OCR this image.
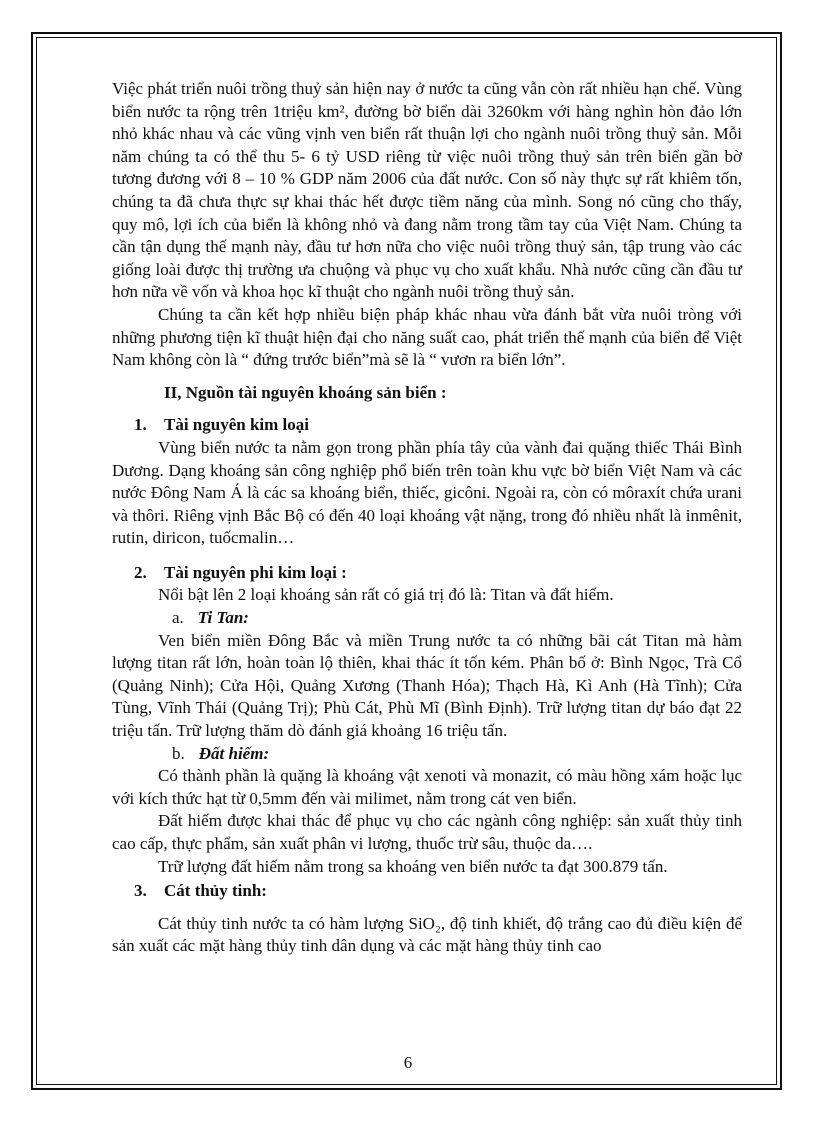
Việc phát triển nuôi trồng thuỷ sản hiện nay ở nước ta cũng vẫn còn rất nhiều hạn chế. Vùng biển nước ta rộng trên 1triệu km², đường bờ biển dài 3260km với hàng nghìn hòn đảo lớn nhỏ khác nhau và các vũng vịnh ven biển rất thuận lợi cho ngành nuôi trồng thuỷ sản. Mỗi năm chúng ta có thể thu 5- 6 tỷ USD riêng từ việc nuôi trồng thuỷ sản trên biển gần bờ tương đương với 8 – 10 % GDP năm 2006 của đất nước. Con số này thực sự rất khiêm tốn, chúng ta đã chưa thực sự khai thác hết được tiềm năng của mình. Song nó cũng cho thấy, quy mô, lợi ích của biển là không nhỏ và đang nằm trong tầm tay của Việt Nam. Chúng ta cần tận dụng thế mạnh này, đầu tư hơn nữa cho việc nuôi trồng thuỷ sản, tập trung vào các giống loài được thị trường ưa chuộng và phục vụ cho xuất khẩu. Nhà nước cũng cần đầu tư hơn nữa về vốn và khoa học kĩ thuật cho ngành nuôi trồng thuỷ sản.

Chúng ta cần kết hợp nhiều biện pháp khác nhau vừa đánh bắt vừa nuôi tròng với những phương tiện kĩ thuật hiện đại cho năng suất cao, phát triển thế mạnh của biển để Việt Nam không còn là “ đứng trước biển”mà sẽ là “ vươn ra biển lớn”.

II, Nguồn tài nguyên khoáng sản biển :
1.	Tài nguyên kim loại

Vùng biển nước ta nằm gọn trong phần phía tây của vành đai quặng thiếc Thái Bình Dương. Dạng khoáng sản công nghiệp phổ biến trên toàn khu vực bờ biển Việt Nam và các nước Đông Nam Á là các sa khoáng biển, thiếc, gicôni. Ngoài ra, còn có môraxít chứa urani và thôri. Riêng vịnh Bắc Bộ có đến 40 loại khoáng vật nặng, trong đó nhiều nhất là inmênit, rutin, diricon, tuốcmalin…

2.	Tài nguyên phi kim loại :

Nổi bật lên 2 loại khoáng sản rất có giá trị đó là: Titan và đất hiếm.

a. Ti Tan:

Ven biển miền Đông Bắc và miền Trung nước ta có những bãi cát Titan mà hàm lượng titan rất lớn, hoàn toàn lộ thiên, khai thác ít tốn kém. Phân bố ở: Bình Ngọc, Trà Cổ (Quảng Ninh); Cửa Hội, Quảng Xương (Thanh Hóa); Thạch Hà, Kì Anh (Hà Tĩnh); Cửa Tùng, Vĩnh Thái (Quảng Trị); Phù Cát, Phù Mĩ (Bình Định). Trữ lượng titan dự báo đạt 22 triệu tấn. Trữ lượng thăm dò đánh giá khoảng 16 triệu tấn.

b. Đất hiếm:

Có thành phần là quặng là khoáng vật xenoti và monazit, có màu hồng xám hoặc lục với kích thức hạt từ 0,5mm đến vài milimet, nằm trong cát ven biển.

Đất hiếm được khai thác để phục vụ cho các ngành công nghiệp: sản xuất thủy tinh cao cấp, thực phẩm, sản xuất phân vi lượng, thuốc trừ sâu, thuộc da….

Trữ lượng đất hiếm nằm trong sa khoáng ven biển nước ta đạt 300.879 tấn.

3.	Cát thủy tinh:

Cát thủy tinh nước ta có hàm lượng SiO₂, độ tinh khiết, độ trắng cao đủ điều kiện để sản xuất các mặt hàng thủy tinh dân dụng và các mặt hàng thủy tinh cao

6
